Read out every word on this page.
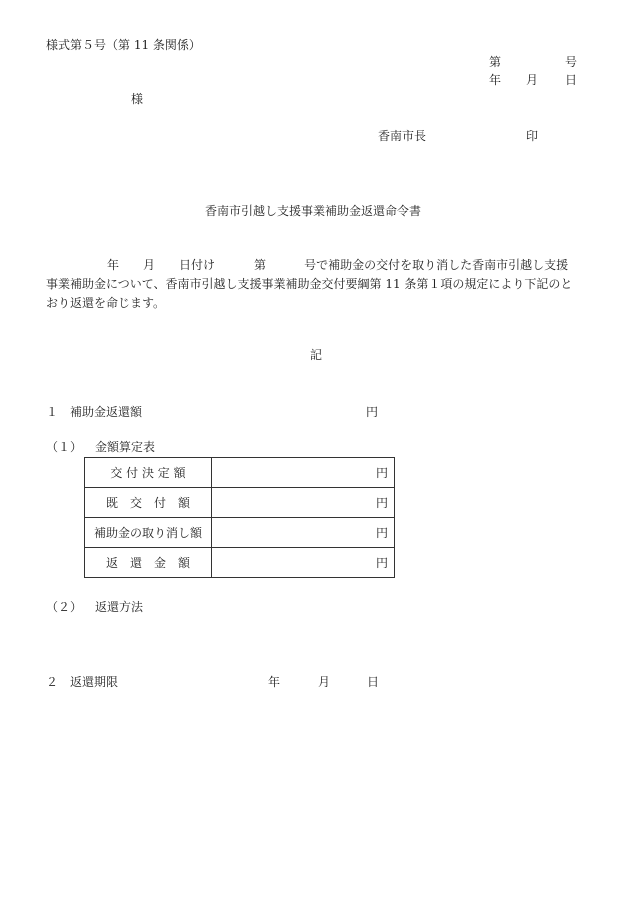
様式第５号（第 11 条関係）
第	号
年 月 日
様
香南市長	印
香南市引越し支援事業補助金返還命令書
年 月 日付け	第	号で補助金の交付を取り消した香南市引越し支援
事業補助金について、香南市引越し支援事業補助金交付要綱第 11 条第１項の規定により下記のと
おり返還を命じます。
記
１ 補助金返還額	円
（１） 金額算定表
交 付 決 定 額	円
既　交　付　額	円
補助金の取り消し額	円
返　還　金　額	円
（２） 返還方法
２ 返還期限	年	月	日
